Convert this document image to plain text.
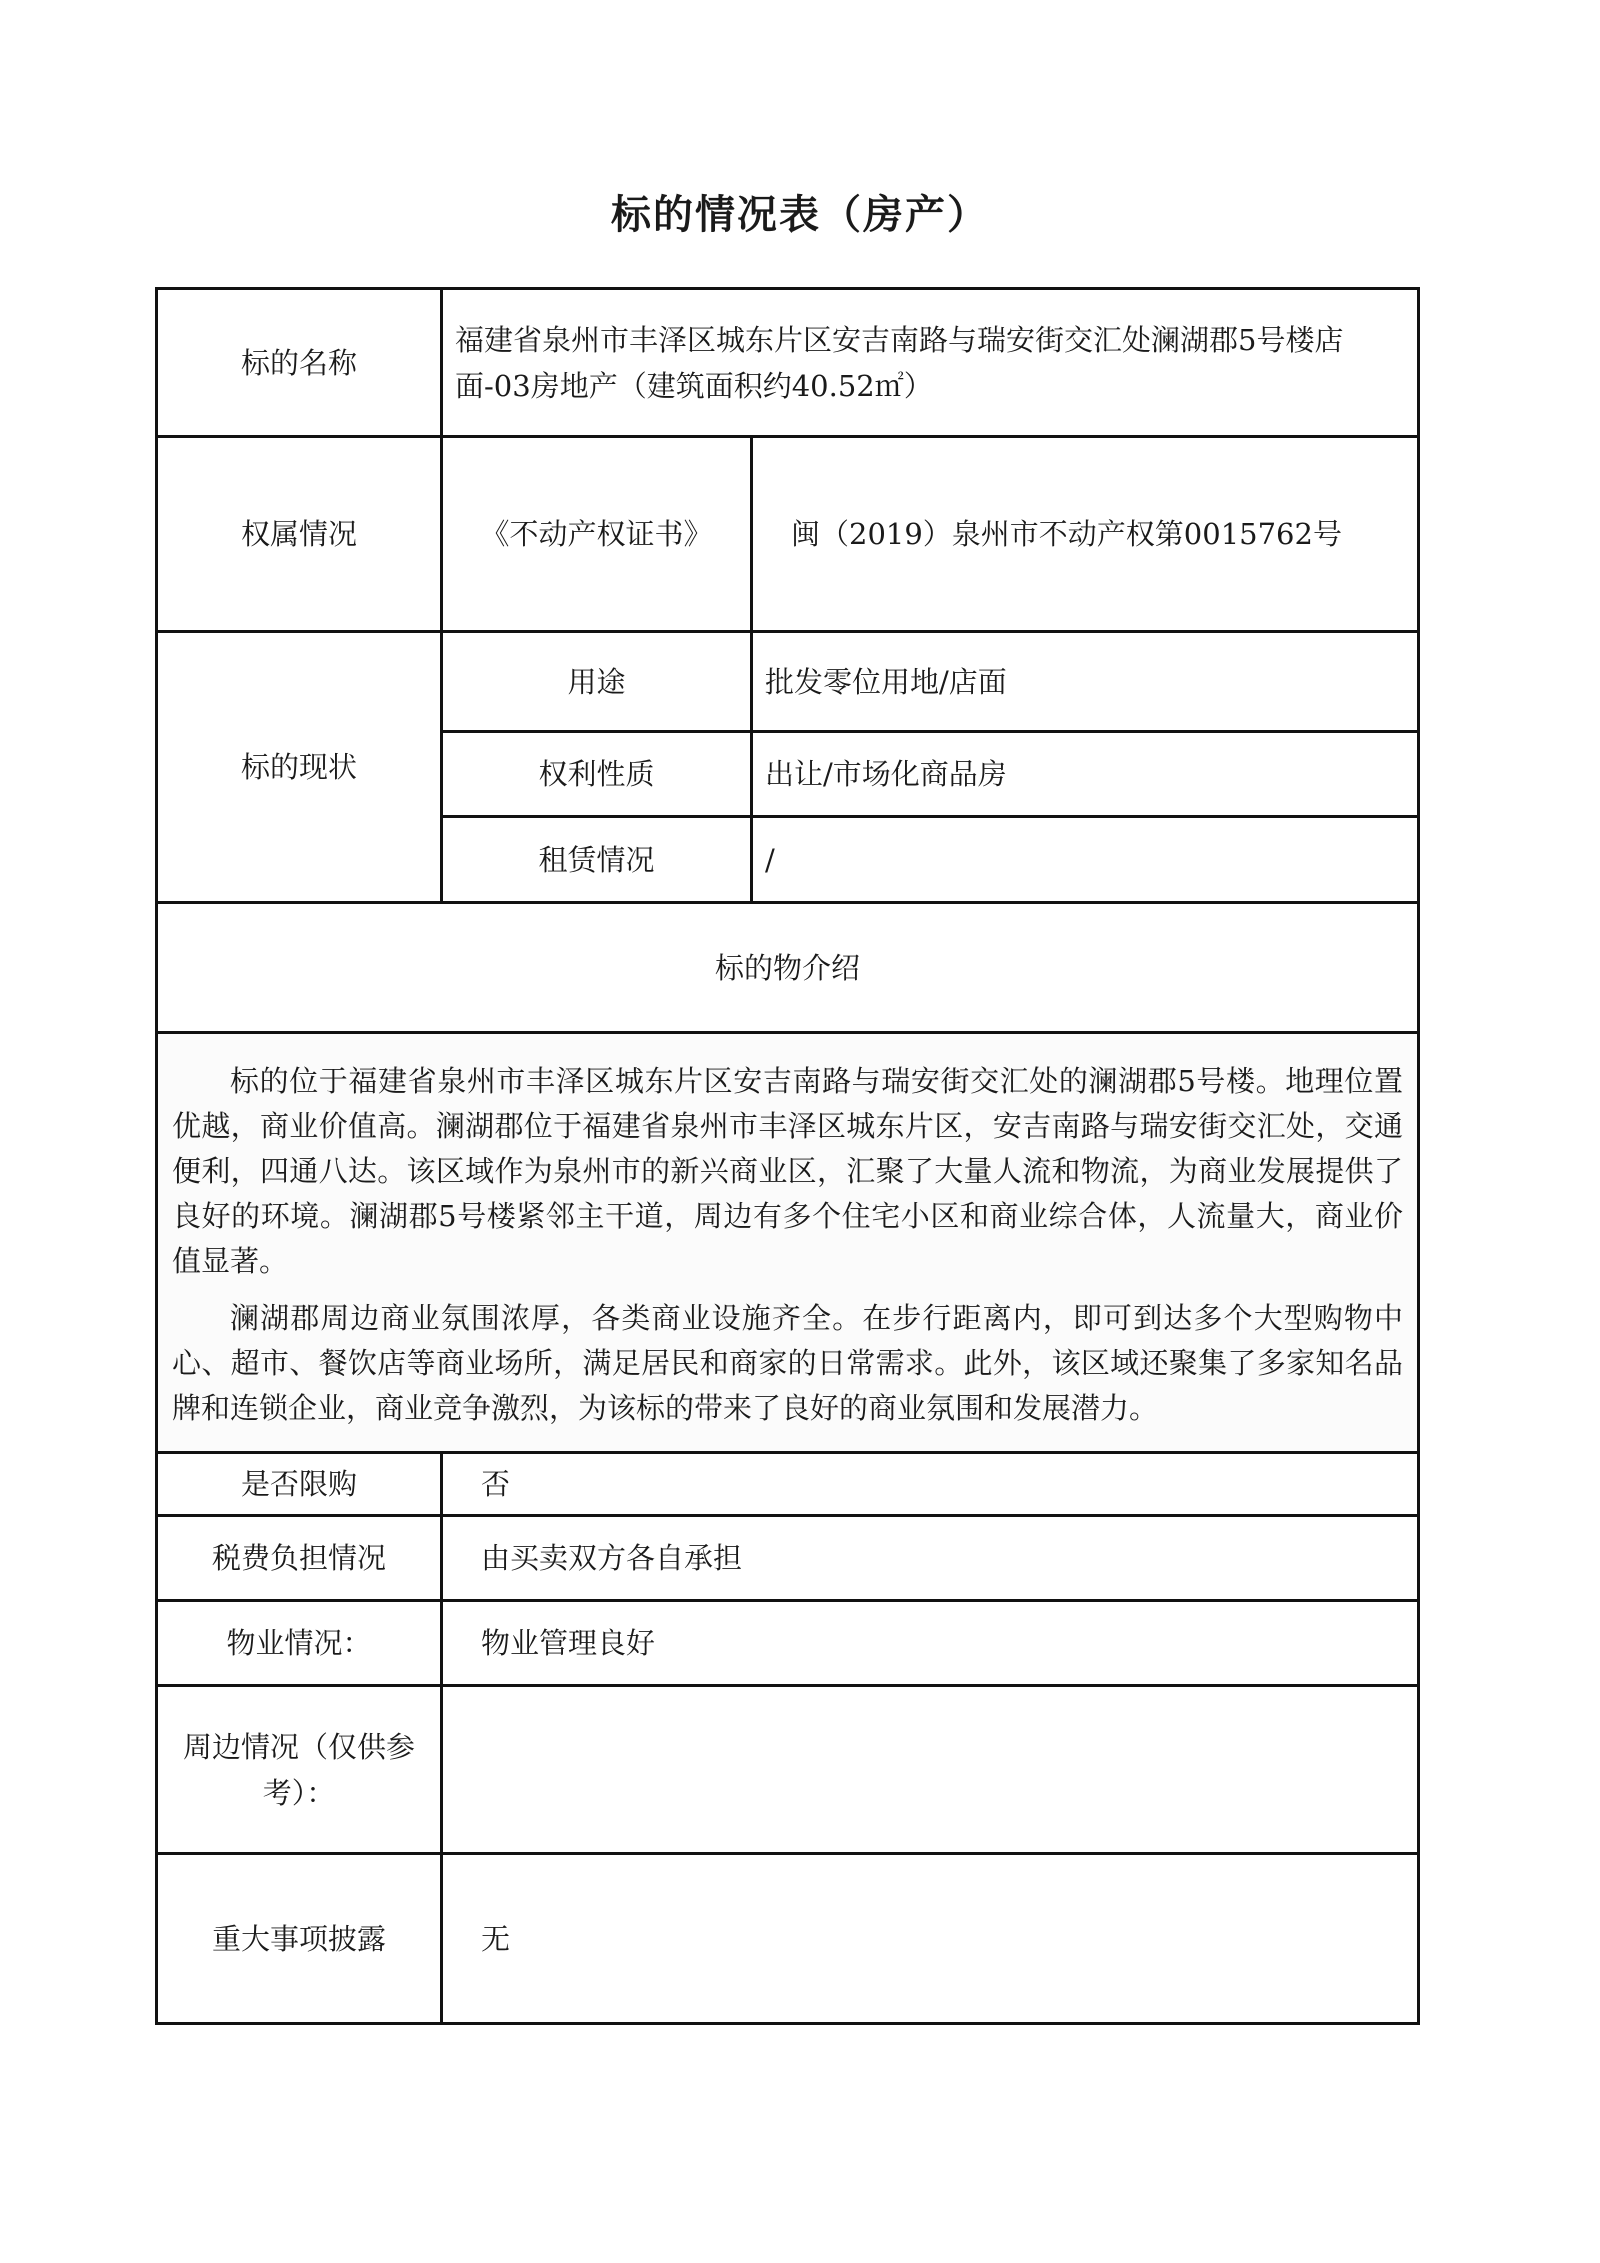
标的情况表（房产）
标的名称	福建省泉州市丰泽区城东片区安吉南路与瑞安街交汇处澜湖郡5号楼店面-03房地产（建筑面积约40.52㎡）	
权属情况	《不动产权证书》	闽（2019）泉州市不动产权第0015762号
标的现状	用途	批发零位用地/店面
	权利性质	出让/市场化商品房
	租赁情况	/
标的物介绍		

标的位于福建省泉州市丰泽区城东片区安吉南路与瑞安街交汇处的澜湖郡5号楼。地理位置优越，商业价值高。澜湖郡位于福建省泉州市丰泽区城东片区，安吉南路与瑞安街交汇处，交通便利，四通八达。该区域作为泉州市的新兴商业区，汇聚了大量人流和物流，为商业发展提供了良好的环境。澜湖郡5号楼紧邻主干道，周边有多个住宅小区和商业综合体，人流量大，商业价值显著。

澜湖郡周边商业氛围浓厚，各类商业设施齐全。在步行距离内，即可到达多个大型购物中心、超市、餐饮店等商业场所，满足居民和商家的日常需求。此外，该区域还聚集了多家知名品牌和连锁企业，商业竞争激烈，为该标的带来了良好的商业氛围和发展潜力。		

是否限购	否	
税费负担情况	由买卖双方各自承担	
物业情况：	物业管理良好	
周边情况（仅供参考）：		
重大事项披露	无	
